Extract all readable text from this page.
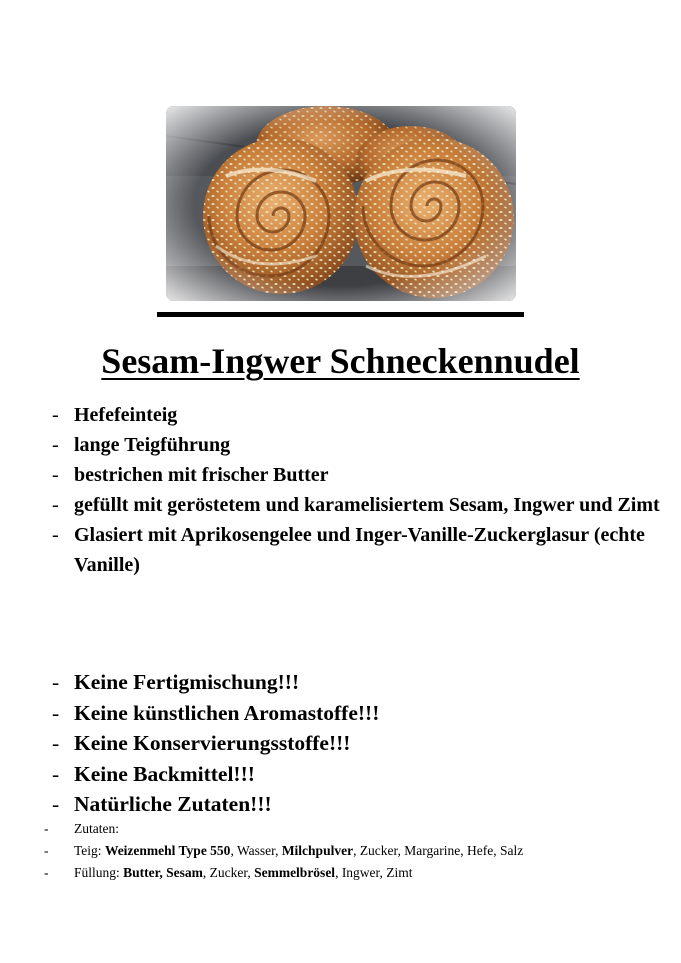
Sesam-Ingwer Schneckennudel
- Hefefeinteig
- lange Teigführung
- bestrichen mit frischer Butter
- gefüllt mit geröstetem und karamelisiertem Sesam, Ingwer und Zimt
- Glasiert mit Aprikosengelee und Inger-Vanille-Zuckerglasur (echte Vanille)
- Keine Fertigmischung!!!
- Keine künstlichen Aromastoffe!!!
- Keine Konservierungsstoffe!!!
- Keine Backmittel!!!
- Natürliche Zutaten!!!
- Zutaten:
- Teig: Weizenmehl Type 550, Wasser, Milchpulver, Zucker, Margarine, Hefe, Salz
- Füllung: Butter, Sesam, Zucker, Semmelbrösel, Ingwer, Zimt
